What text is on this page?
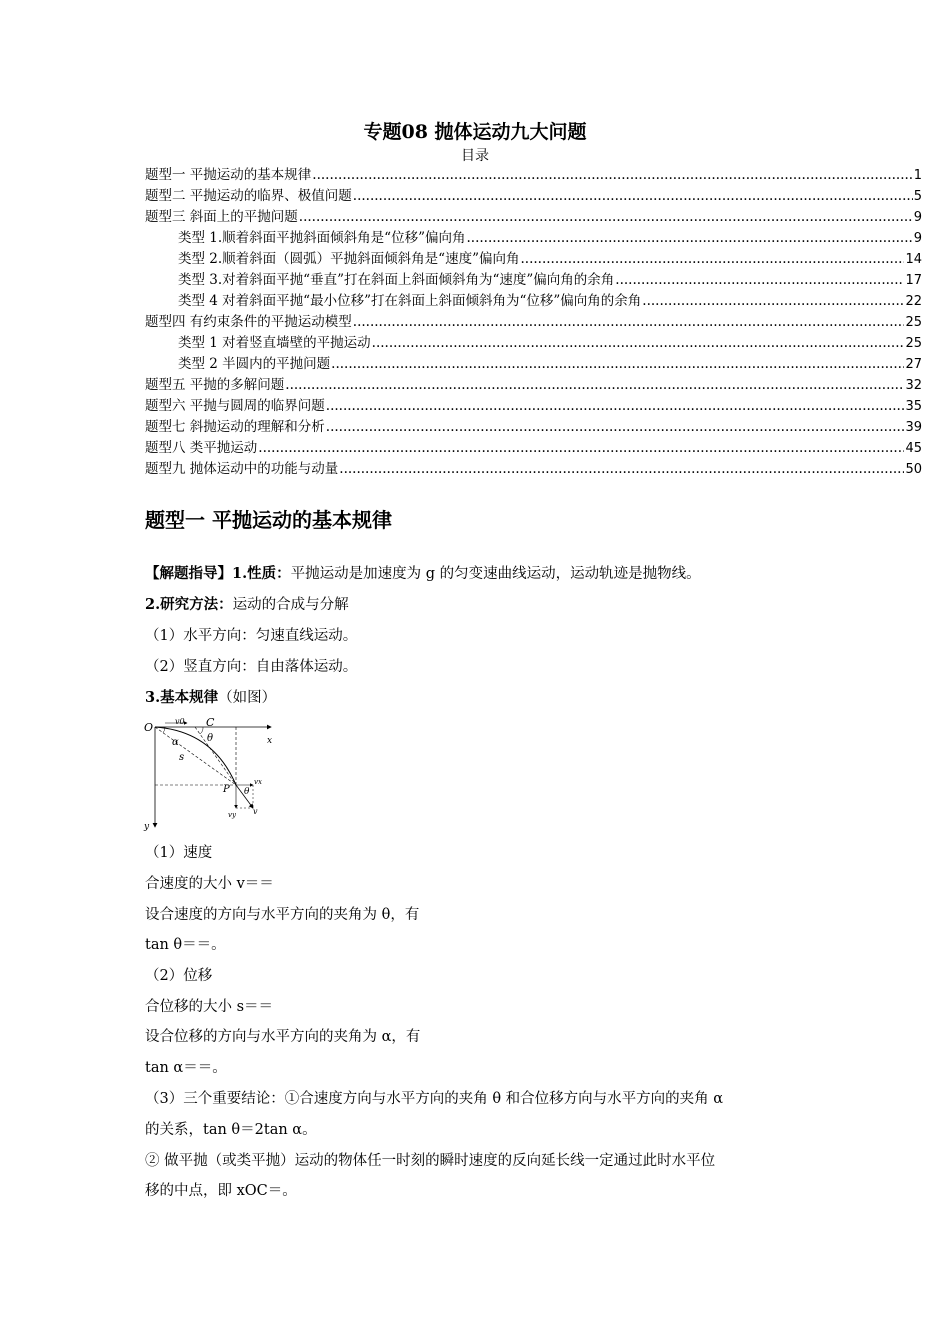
专题08 抛体运动九大问题
目录
题型一 平抛运动的基本规律 .....	1
题型二 平抛运动的临界、极值问题 .....	5
题型三 斜面上的平抛问题 .....	9
类型 1.顺着斜面平抛斜面倾斜角是“位移”偏向角 .....	9
类型 2.顺着斜面（圆弧）平抛斜面倾斜角是“速度”偏向角 .....	14
类型 3.对着斜面平抛“垂直”打在斜面上斜面倾斜角为“速度”偏向角的余角 .....	17
类型 4 对着斜面平抛“最小位移”打在斜面上斜面倾斜角为“位移”偏向角的余角 .....	22
题型四 有约束条件的平抛运动模型 .....	25
类型 1 对着竖直墙壁的平抛运动 .....	25
类型 2 半圆内的平抛问题 .....	27
题型五 平抛的多解问题 .....	32
题型六 平抛与圆周的临界问题 .....	35
题型七 斜抛运动的理解和分析 .....	39
题型八 类平抛运动 .....	45
题型九 抛体运动中的功能与动量 .....	50
题型一 平抛运动的基本规律
【解题指导】1.性质：平抛运动是加速度为 g 的匀变速曲线运动，运动轨迹是抛物线。
2.研究方法：运动的合成与分解
（1）水平方向：匀速直线运动。
（2）竖直方向：自由落体运动。
3.基本规律（如图）
O	v0 C
θ
α	x
s
P θ
vx
vy v
y
（1）速度
合速度的大小 v＝＝
设合速度的方向与水平方向的夹角为 θ，有
tan θ＝＝。
（2）位移
合位移的大小 s＝＝
设合位移的方向与水平方向的夹角为 α，有
tan α＝＝。
（3）三个重要结论：①合速度方向与水平方向的夹角 θ 和合位移方向与水平方向的夹角 α
的关系，tan θ＝2tan α。
② 做平抛（或类平抛）运动的物体任一时刻的瞬时速度的反向延长线一定通过此时水平位
移的中点，即 xOC＝。
